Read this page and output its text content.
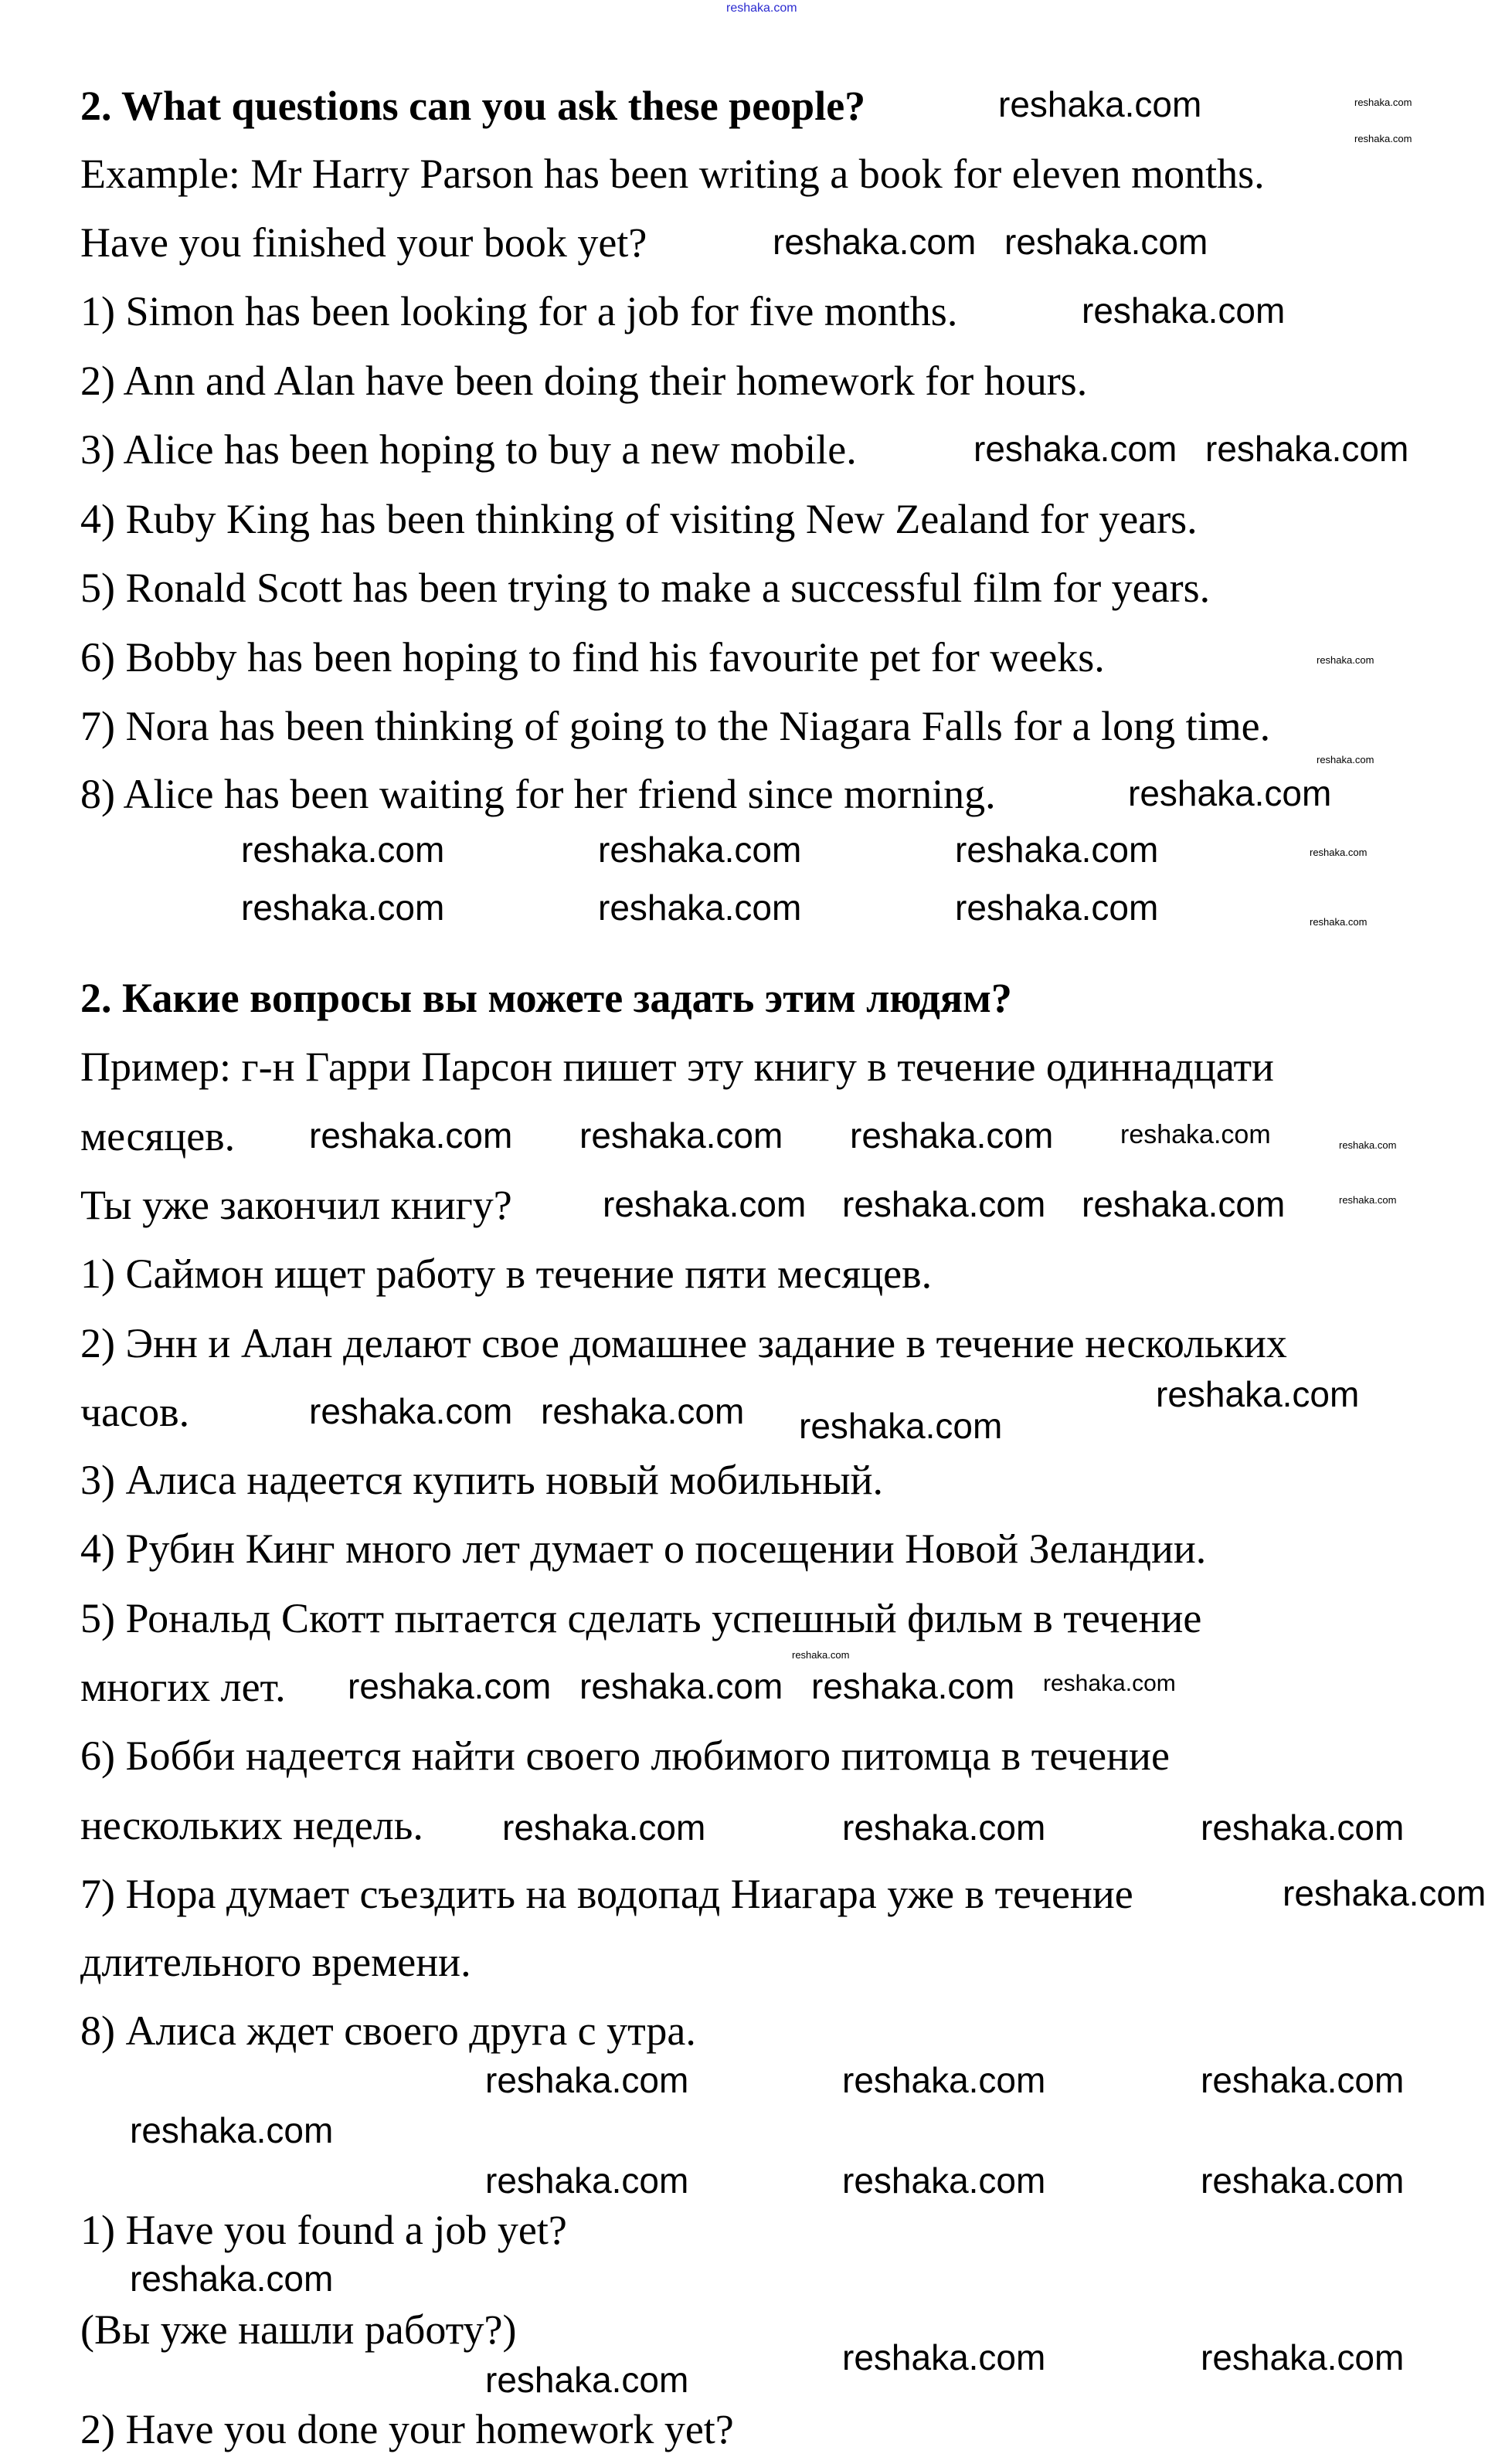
reshaka.com
2. What questions can you ask these people?
Example: Mr Harry Parson has been writing a book for eleven months.
Have you finished your book yet?
1) Simon has been looking for a job for five months.
2) Ann and Alan have been doing their homework for hours.
3) Alice has been hoping to buy a new mobile.
4) Ruby King has been thinking of visiting New Zealand for years.
5) Ronald Scott has been trying to make a successful film for years.
6) Bobby has been hoping to find his favourite pet for weeks.
7) Nora has been thinking of going to the Niagara Falls for a long time.
8) Alice has been waiting for her friend since morning.
2. Какие вопросы вы можете задать этим людям?
Пример: г-н Гарри Парсон пишет эту книгу в течение одиннадцати
месяцев.
Ты уже закончил книгу?
1) Саймон ищет работу в течение пяти месяцев.
2) Энн и Алан делают свое домашнее задание в течение нескольких
часов.
3) Алиса надеется купить новый мобильный.
4) Рубин Кинг много лет думает о посещении Новой Зеландии.
5) Рональд Скотт пытается сделать успешный фильм в течение
многих лет.
6) Бобби надеется найти своего любимого питомца в течение
нескольких недель.
7) Нора думает съездить на водопад Ниагара уже в течение
длительного времени.
8) Алиса ждет своего друга с утра.
1) Have you found a job yet?
(Вы уже нашли работу?)
2) Have you done your homework yet?
reshaka.com
reshaka.com reshaka.com
reshaka.com
reshaka.com reshaka.com
reshaka.com
reshaka.com	reshaka.com	reshaka.com
reshaka.com	reshaka.com	reshaka.com
reshaka.com reshaka.com reshaka.com	reshaka.com
reshaka.com reshaka.com reshaka.com
reshaka.com
reshaka.com
reshaka.com reshaka.com
reshaka.com
reshaka.com
reshaka.com
reshaka.com reshaka.com
reshaka.com	reshaka.com	reshaka.com
reshaka.com
reshaka.com	reshaka.com	reshaka.com
reshaka.com
reshaka.com	reshaka.com	reshaka.com
reshaka.com
reshaka.com
reshaka.com	reshaka.com
reshaka.com
reshaka.com
reshaka.com
reshaka.com
reshaka.com
reshaka.com
reshaka.com
reshaka.com
